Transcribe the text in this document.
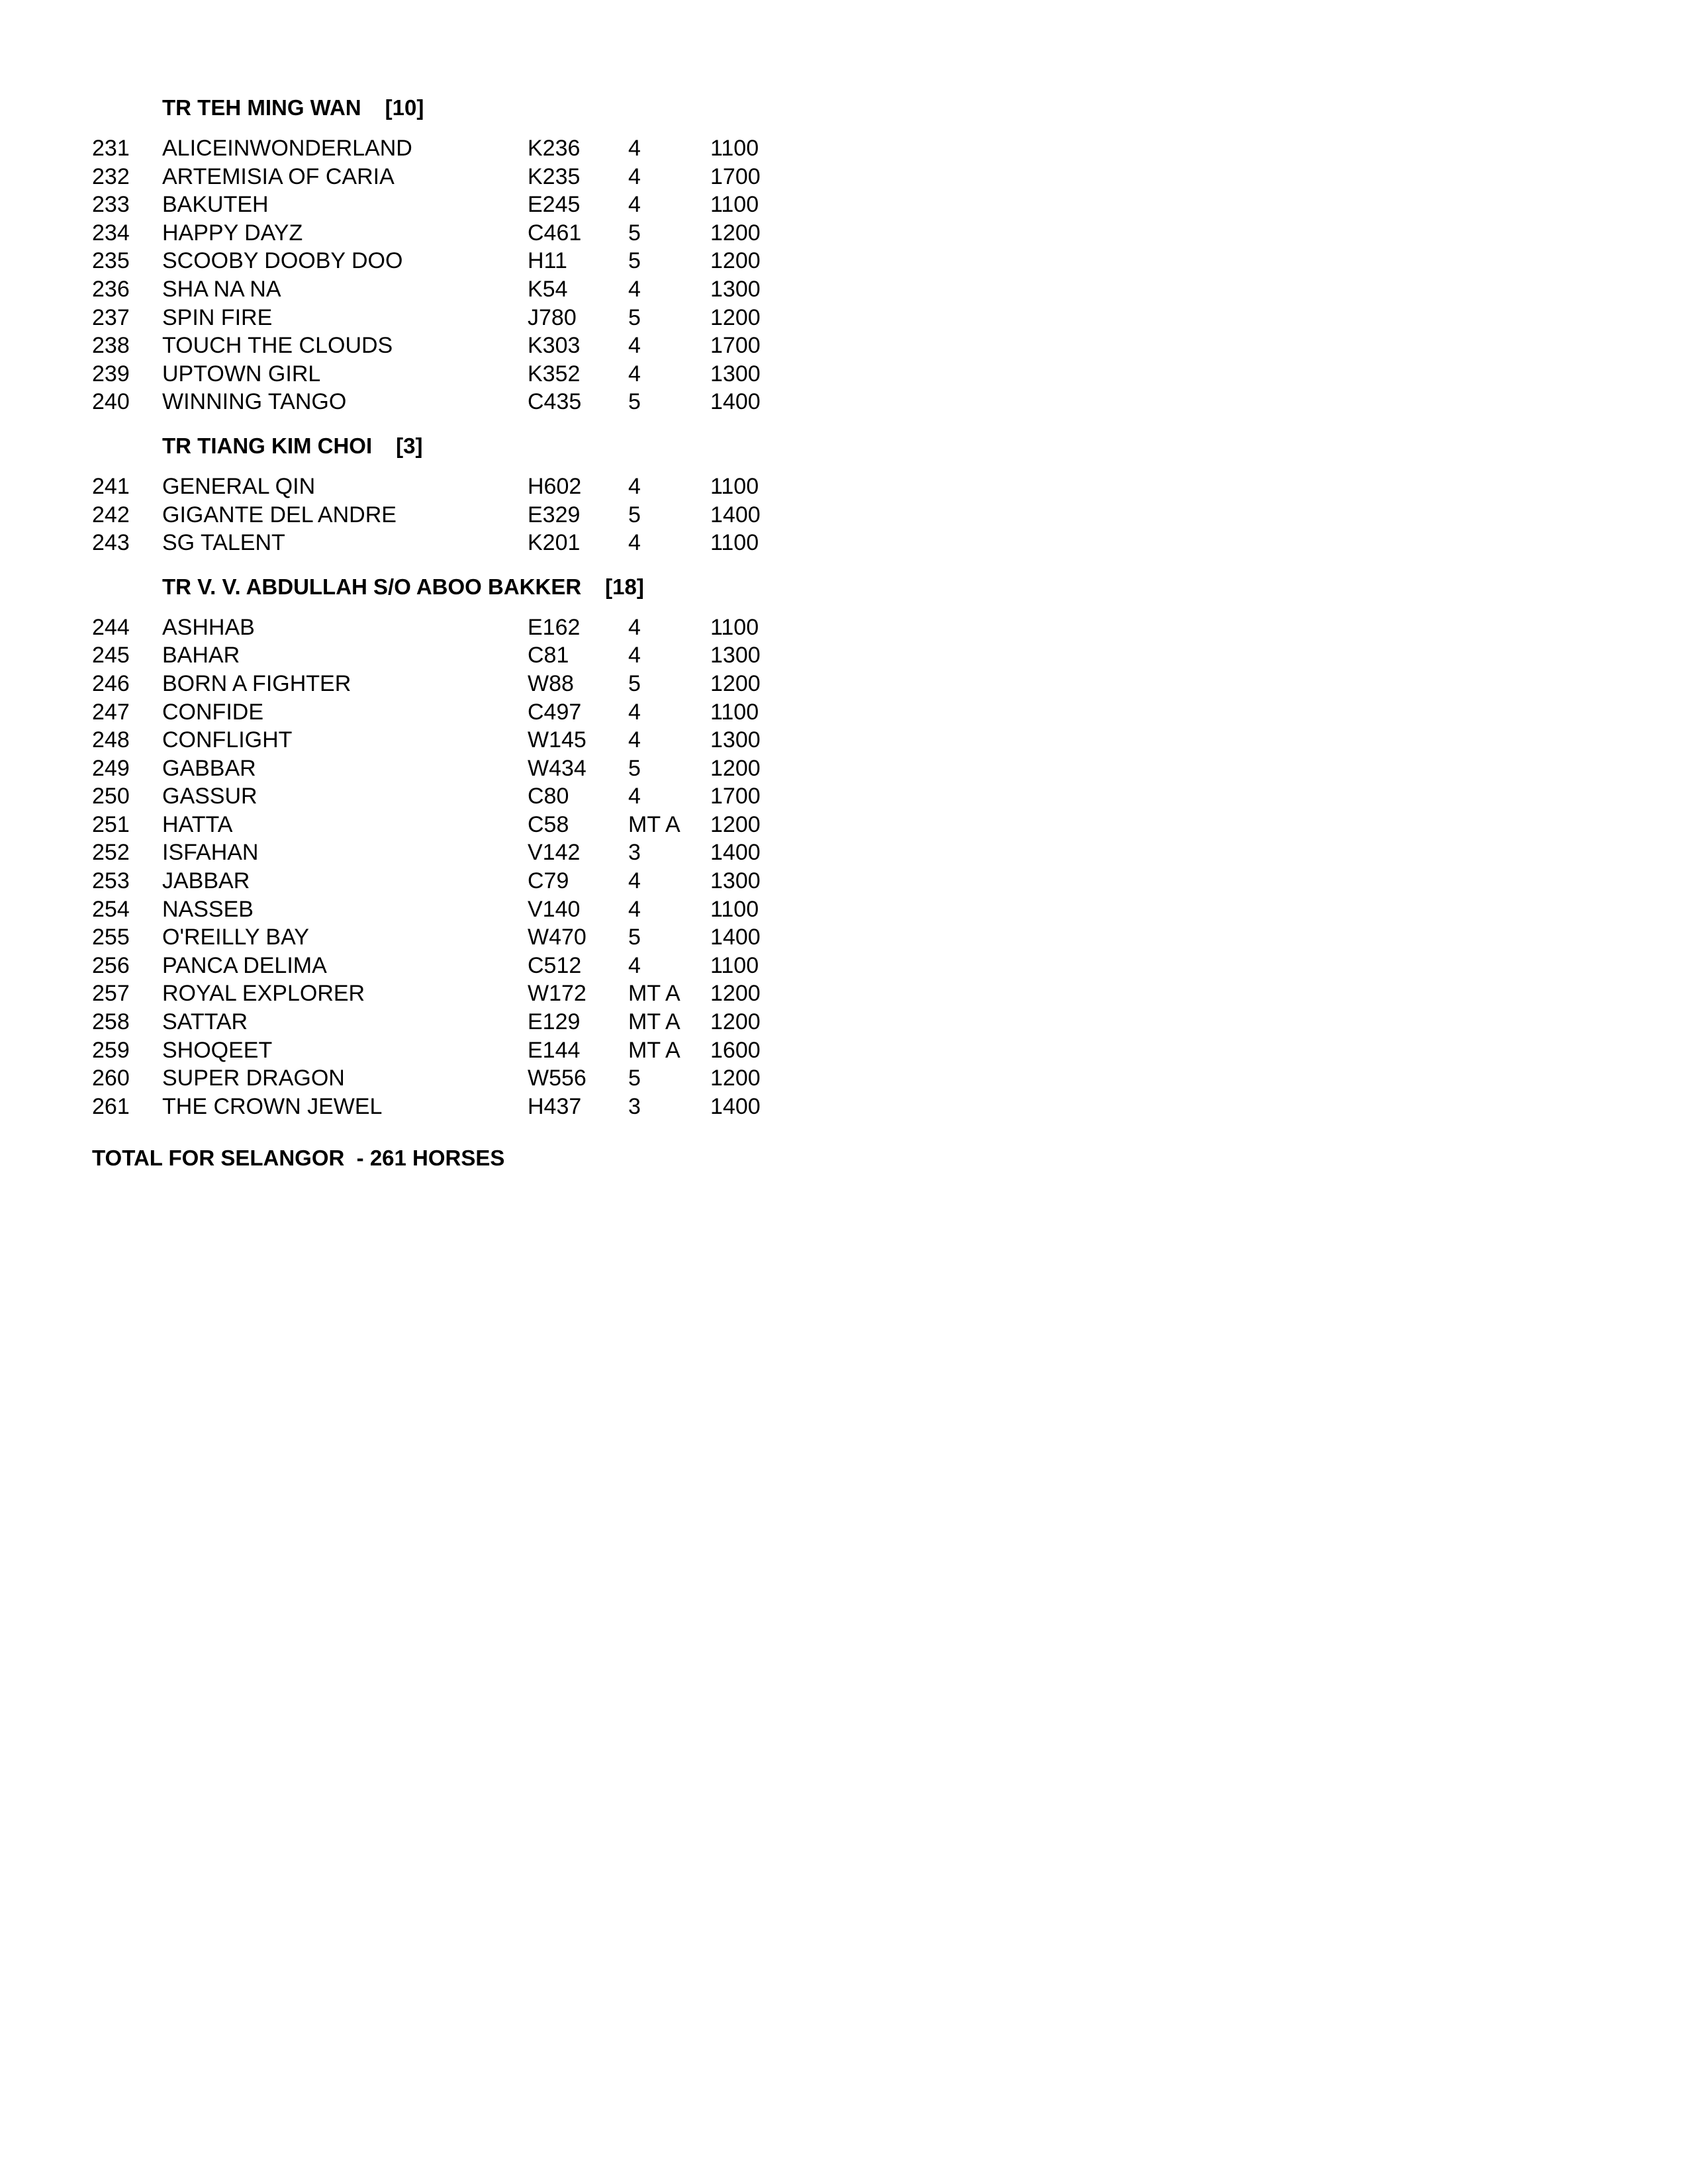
TR TEH MING WAN [10]
231	ALICEINWONDERLAND	K236	4	1100
232	ARTEMISIA OF CARIA	K235	4	1700
233	BAKUTEH	E245	4	1100
234	HAPPY DAYZ	C461	5	1200
235	SCOOBY DOOBY DOO	H11	5	1200
236	SHA NA NA	K54	4	1300
237	SPIN FIRE	J780	5	1200
238	TOUCH THE CLOUDS	K303	4	1700
239	UPTOWN GIRL	K352	4	1300
240	WINNING TANGO	C435	5	1400
TR TIANG KIM CHOI [3]
241	GENERAL QIN	H602	4	1100
242	GIGANTE DEL ANDRE	E329	5	1400
243	SG TALENT	K201	4	1100
TR V. V. ABDULLAH S/O ABOO BAKKER [18]
244	ASHHAB	E162	4	1100
245	BAHAR	C81	4	1300
246	BORN A FIGHTER	W88	5	1200
247	CONFIDE	C497	4	1100
248	CONFLIGHT	W145	4	1300
249	GABBAR	W434	5	1200
250	GASSUR	C80	4	1700
251	HATTA	C58	MT A	1200
252	ISFAHAN	V142	3	1400
253	JABBAR	C79	4	1300
254	NASSEB	V140	4	1100
255	O'REILLY BAY	W470	5	1400
256	PANCA DELIMA	C512	4	1100
257	ROYAL EXPLORER	W172	MT A	1200
258	SATTAR	E129	MT A	1200
259	SHOQEET	E144	MT A	1600
260	SUPER DRAGON	W556	5	1200
261	THE CROWN JEWEL	H437	3	1400
TOTAL FOR SELANGOR  - 261 HORSES
